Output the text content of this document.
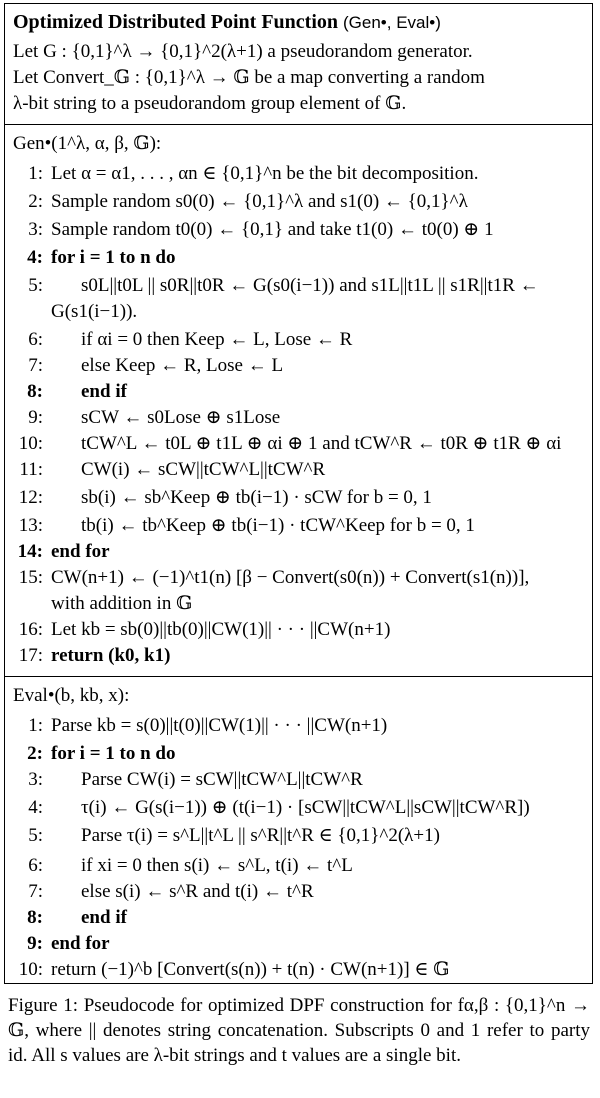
Optimized Distributed Point Function (Gen•, Eval•)
Let G : {0,1}^λ → {0,1}^2(λ+1) a pseudorandom generator.
Let Convert_𝔾 : {0,1}^λ → 𝔾 be a map converting a random
λ-bit string to a pseudorandom group element of 𝔾.
Gen•(1^λ, α, β, 𝔾):
1: Let α = α1, . . . , αn ∈ {0,1}^n be the bit decomposition.
2: Sample random s0(0) ← {0,1}^λ and s1(0) ← {0,1}^λ
3: Sample random t0(0) ← {0,1} and take t1(0) ← t0(0) ⊕ 1
4: for i = 1 to n do
5: s0L||t0L || s0R||t0R ← G(s0(i−1)) and s1L||t1L || s1R||t1R ←
G(s1(i−1)).
6: if αi = 0 then Keep ← L, Lose ← R
7: else Keep ← R, Lose ← L
8: end if
9: sCW ← s0Lose ⊕ s1Lose
10: tCW^L ← t0L ⊕ t1L ⊕ αi ⊕ 1 and tCW^R ← t0R ⊕ t1R ⊕ αi
11: CW(i) ← sCW||tCW^L||tCW^R
12: sb(i) ← sb^Keep ⊕ tb(i−1) · sCW for b = 0, 1
13: tb(i) ← tb^Keep ⊕ tb(i−1) · tCW^Keep for b = 0, 1
14: end for
15: CW(n+1) ← (−1)^t1(n) [β − Convert(s0(n)) + Convert(s1(n))],
with addition in 𝔾
16: Let kb = sb(0)||tb(0)||CW(1)|| · · · ||CW(n+1)
17: return (k0, k1)
Eval•(b, kb, x):
1: Parse kb = s(0)||t(0)||CW(1)|| · · · ||CW(n+1)
2: for i = 1 to n do
3: Parse CW(i) = sCW||tCW^L||tCW^R
4: τ(i) ← G(s(i−1)) ⊕ (t(i−1) · [sCW||tCW^L||sCW||tCW^R])
5: Parse τ(i) = s^L||t^L || s^R||t^R ∈ {0,1}^2(λ+1)
6: if xi = 0 then s(i) ← s^L, t(i) ← t^L
7: else s(i) ← s^R and t(i) ← t^R
8: end if
9: end for
10: return (−1)^b [Convert(s(n)) + t(n) · CW(n+1)] ∈ 𝔾

Figure 1: Pseudocode for optimized DPF construction for fα,β : {0,1}^n → 𝔾, where || denotes string concatenation. Subscripts 0 and 1 refer to party id. All s values are λ-bit strings and t values are a single bit.
